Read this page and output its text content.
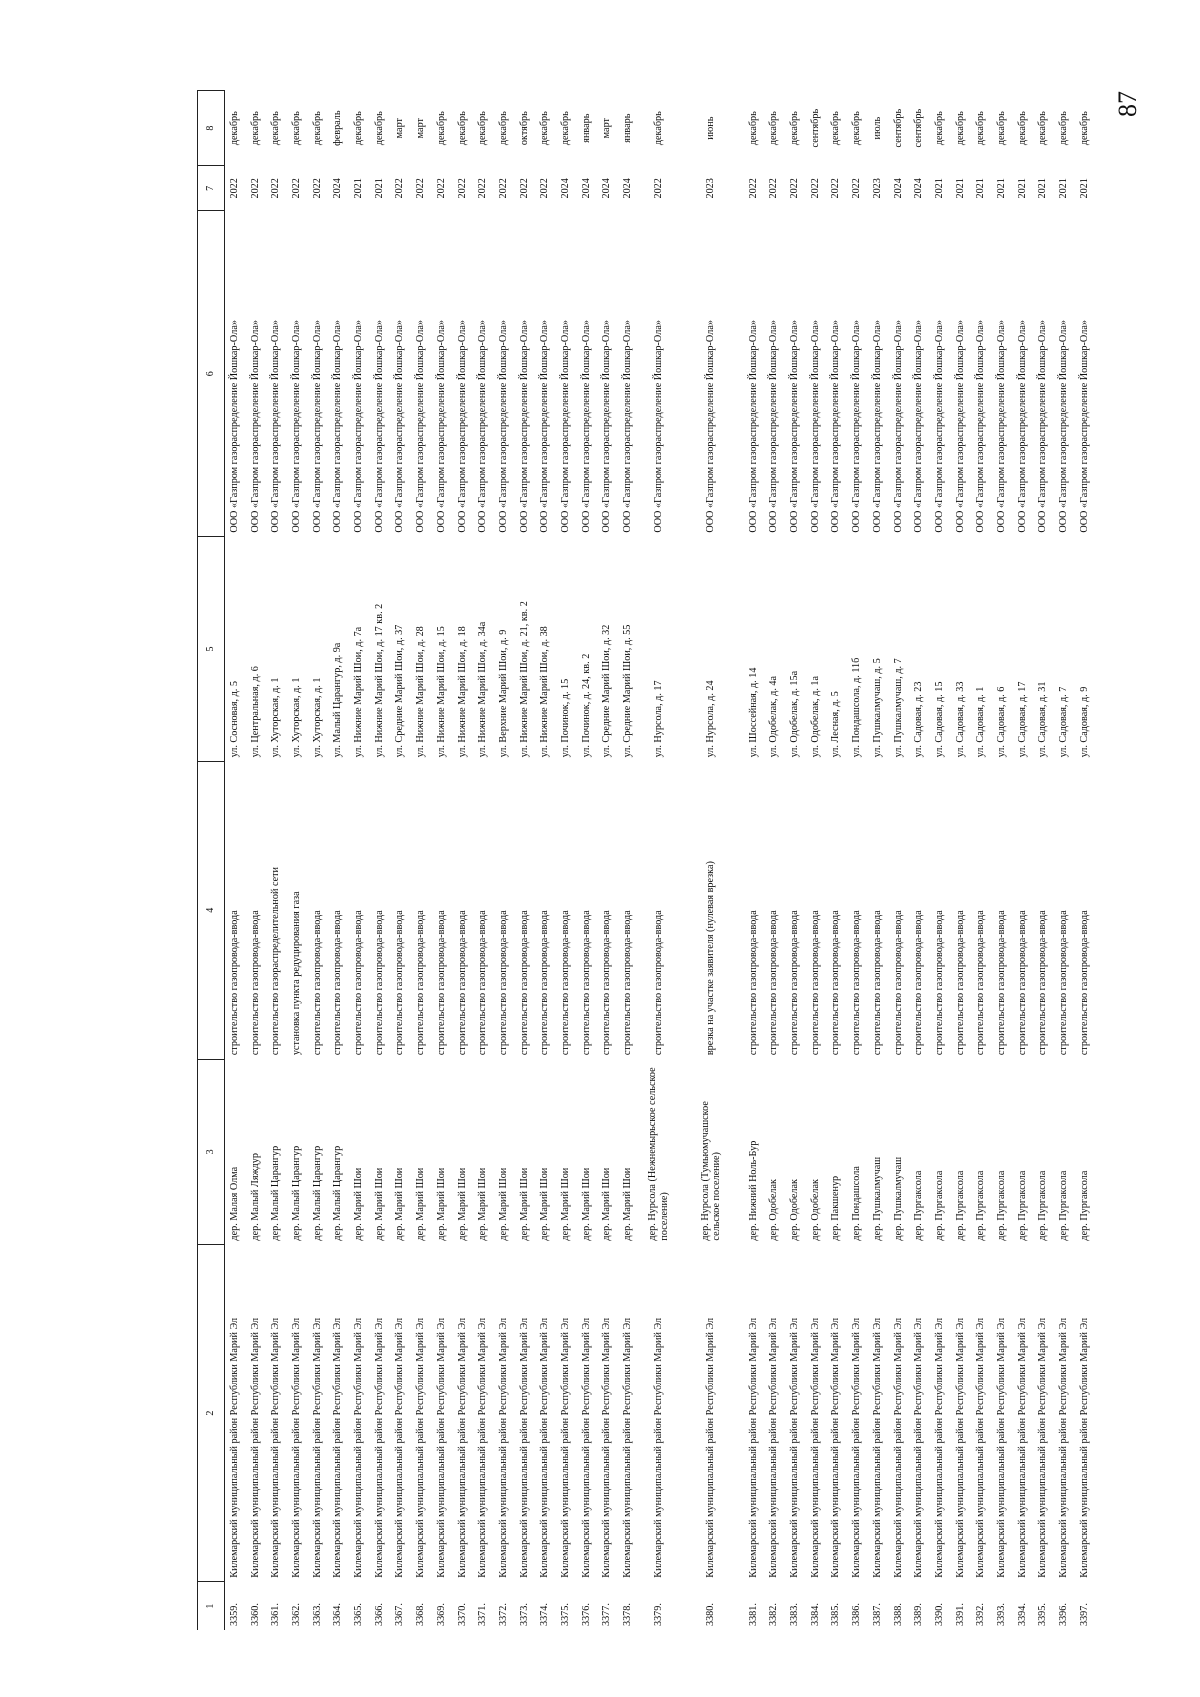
87
1	2	3	4	5	6	7	8
3359.	Килемарский муниципальный район Республики Марий Эл	дер. Малая Олма	строительство газопровода-ввода	ул. Сосновая, д. 5	ООО «Газпром газораспределение Йошкар-Ола»	2022	декабрь
3360.	Килемарский муниципальный район Республики Марий Эл	дер. Малый Ляждур	строительство газопровода-ввода	ул. Центральная, д. 6	ООО «Газпром газораспределение Йошкар-Ола»	2022	декабрь
3361.	Килемарский муниципальный район Республики Марий Эл	дер. Малый Царангур	строительство газораспределительной сети	ул. Хуторская, д. 1	ООО «Газпром газораспределение Йошкар-Ола»	2022	декабрь
3362.	Килемарский муниципальный район Республики Марий Эл	дер. Малый Царангур	установка пункта редуцирования газа	ул. Хуторская, д. 1	ООО «Газпром газораспределение Йошкар-Ола»	2022	декабрь
3363.	Килемарский муниципальный район Республики Марий Эл	дер. Малый Царангур	строительство газопровода-ввода	ул. Хуторская, д. 1	ООО «Газпром газораспределение Йошкар-Ола»	2022	декабрь
3364.	Килемарский муниципальный район Республики Марий Эл	дер. Малый Царангур	строительство газопровода-ввода	ул. Малый Царангур, д. 9а	ООО «Газпром газораспределение Йошкар-Ола»	2024	февраль
3365.	Килемарский муниципальный район Республики Марий Эл	дер. Марий Шои	строительство газопровода-ввода	ул. Нижние Марий Шои, д. 7а	ООО «Газпром газораспределение Йошкар-Ола»	2021	декабрь
3366.	Килемарский муниципальный район Республики Марий Эл	дер. Марий Шои	строительство газопровода-ввода	ул. Нижние Марий Шои, д. 17 кв. 2	ООО «Газпром газораспределение Йошкар-Ола»	2021	декабрь
3367.	Килемарский муниципальный район Республики Марий Эл	дер. Марий Шои	строительство газопровода-ввода	ул. Средние Марий Шои, д. 37	ООО «Газпром газораспределение Йошкар-Ола»	2022	март
3368.	Килемарский муниципальный район Республики Марий Эл	дер. Марий Шои	строительство газопровода-ввода	ул. Нижние Марий Шои, д. 28	ООО «Газпром газораспределение Йошкар-Ола»	2022	март
3369.	Килемарский муниципальный район Республики Марий Эл	дер. Марий Шои	строительство газопровода-ввода	ул. Нижние Марий Шои, д. 15	ООО «Газпром газораспределение Йошкар-Ола»	2022	декабрь
3370.	Килемарский муниципальный район Республики Марий Эл	дер. Марий Шои	строительство газопровода-ввода	ул. Нижние Марий Шои, д. 18	ООО «Газпром газораспределение Йошкар-Ола»	2022	декабрь
3371.	Килемарский муниципальный район Республики Марий Эл	дер. Марий Шои	строительство газопровода-ввода	ул. Нижние Марий Шои, д. 34а	ООО «Газпром газораспределение Йошкар-Ола»	2022	декабрь
3372.	Килемарский муниципальный район Республики Марий Эл	дер. Марий Шои	строительство газопровода-ввода	ул. Верхние Марий Шои, д. 9	ООО «Газпром газораспределение Йошкар-Ола»	2022	декабрь
3373.	Килемарский муниципальный район Республики Марий Эл	дер. Марий Шои	строительство газопровода-ввода	ул. Нижние Марий Шои, д. 21, кв. 2	ООО «Газпром газораспределение Йошкар-Ола»	2022	октябрь
3374.	Килемарский муниципальный район Республики Марий Эл	дер. Марий Шои	строительство газопровода-ввода	ул. Нижние Марий Шои, д. 38	ООО «Газпром газораспределение Йошкар-Ола»	2022	декабрь
3375.	Килемарский муниципальный район Республики Марий Эл	дер. Марий Шои	строительство газопровода-ввода	ул. Починок, д. 15	ООО «Газпром газораспределение Йошкар-Ола»	2024	декабрь
3376.	Килемарский муниципальный район Республики Марий Эл	дер. Марий Шои	строительство газопровода-ввода	ул. Починок, д. 24, кв. 2	ООО «Газпром газораспределение Йошкар-Ола»	2024	январь
3377.	Килемарский муниципальный район Республики Марий Эл	дер. Марий Шои	строительство газопровода-ввода	ул. Средние Марий Шои, д. 32	ООО «Газпром газораспределение Йошкар-Ола»	2024	март
3378.	Килемарский муниципальный район Республики Марий Эл	дер. Марий Шои	строительство газопровода-ввода	ул. Средние Марий Шои, д. 55	ООО «Газпром газораспределение Йошкар-Ола»	2024	январь
3379.	Килемарский муниципальный район Республики Марий Эл	дер. Нурсола (Нежнемырьское сельское поселение)	строительство газопровода-ввода	ул. Нурсола, д. 17	ООО «Газпром газораспределение Йошкар-Ола»	2022	декабрь
3380.	Килемарский муниципальный район Республики Марий Эл	дер. Нурсола (Тумьюмучашское сельское поселение)	врезка на участке заявителя (нулевая врезка)	ул. Нурсола, д. 24	ООО «Газпром газораспределение Йошкар-Ола»	2023	июнь
3381.	Килемарский муниципальный район Республики Марий Эл	дер. Нижний Ноль-Бур	строительство газопровода-ввода	ул. Шоссейная, д. 14	ООО «Газпром газораспределение Йошкар-Ола»	2022	декабрь
3382.	Килемарский муниципальный район Республики Марий Эл	дер. Одобелак	строительство газопровода-ввода	ул. Одобелак, д. 4а	ООО «Газпром газораспределение Йошкар-Ола»	2022	декабрь
3383.	Килемарский муниципальный район Республики Марий Эл	дер. Одобелак	строительство газопровода-ввода	ул. Одобелак, д. 15а	ООО «Газпром газораспределение Йошкар-Ола»	2022	декабрь
3384.	Килемарский муниципальный район Республики Марий Эл	дер. Одобелак	строительство газопровода-ввода	ул. Одобелак, д. 1а	ООО «Газпром газораспределение Йошкар-Ола»	2022	сентябрь
3385.	Килемарский муниципальный район Республики Марий Эл	дер. Пакшенур	строительство газопровода-ввода	ул. Лесная, д. 5	ООО «Газпром газораспределение Йошкар-Ола»	2022	декабрь
3386.	Килемарский муниципальный район Республики Марий Эл	дер. Пондашсола	строительство газопровода-ввода	ул. Пондашсола, д. 11б	ООО «Газпром газораспределение Йошкар-Ола»	2022	декабрь
3387.	Килемарский муниципальный район Республики Марий Эл	дер. Пушкалмучаш	строительство газопровода-ввода	ул. Пушкалмучаш, д. 5	ООО «Газпром газораспределение Йошкар-Ола»	2023	июль
3388.	Килемарский муниципальный район Республики Марий Эл	дер. Пушкалмучаш	строительство газопровода-ввода	ул. Пушкалмучаш, д. 7	ООО «Газпром газораспределение Йошкар-Ола»	2024	сентябрь
3389.	Килемарский муниципальный район Республики Марий Эл	дер. Пургаксола	строительство газопровода-ввода	ул. Садовая, д. 23	ООО «Газпром газораспределение Йошкар-Ола»	2024	сентябрь
3390.	Килемарский муниципальный район Республики Марий Эл	дер. Пургаксола	строительство газопровода-ввода	ул. Садовая, д. 15	ООО «Газпром газораспределение Йошкар-Ола»	2021	декабрь
3391.	Килемарский муниципальный район Республики Марий Эл	дер. Пургаксола	строительство газопровода-ввода	ул. Садовая, д. 33	ООО «Газпром газораспределение Йошкар-Ола»	2021	декабрь
3392.	Килемарский муниципальный район Республики Марий Эл	дер. Пургаксола	строительство газопровода-ввода	ул. Садовая, д. 1	ООО «Газпром газораспределение Йошкар-Ола»	2021	декабрь
3393.	Килемарский муниципальный район Республики Марий Эл	дер. Пургаксола	строительство газопровода-ввода	ул. Садовая, д. 6	ООО «Газпром газораспределение Йошкар-Ола»	2021	декабрь
3394.	Килемарский муниципальный район Республики Марий Эл	дер. Пургаксола	строительство газопровода-ввода	ул. Садовая, д. 17	ООО «Газпром газораспределение Йошкар-Ола»	2021	декабрь
3395.	Килемарский муниципальный район Республики Марий Эл	дер. Пургаксола	строительство газопровода-ввода	ул. Садовая, д. 31	ООО «Газпром газораспределение Йошкар-Ола»	2021	декабрь
3396.	Килемарский муниципальный район Республики Марий Эл	дер. Пургаксола	строительство газопровода-ввода	ул. Садовая, д. 7	ООО «Газпром газораспределение Йошкар-Ола»	2021	декабрь
3397.	Килемарский муниципальный район Республики Марий Эл	дер. Пургаксола	строительство газопровода-ввода	ул. Садовая, д. 9	ООО «Газпром газораспределение Йошкар-Ола»	2021	декабрь
